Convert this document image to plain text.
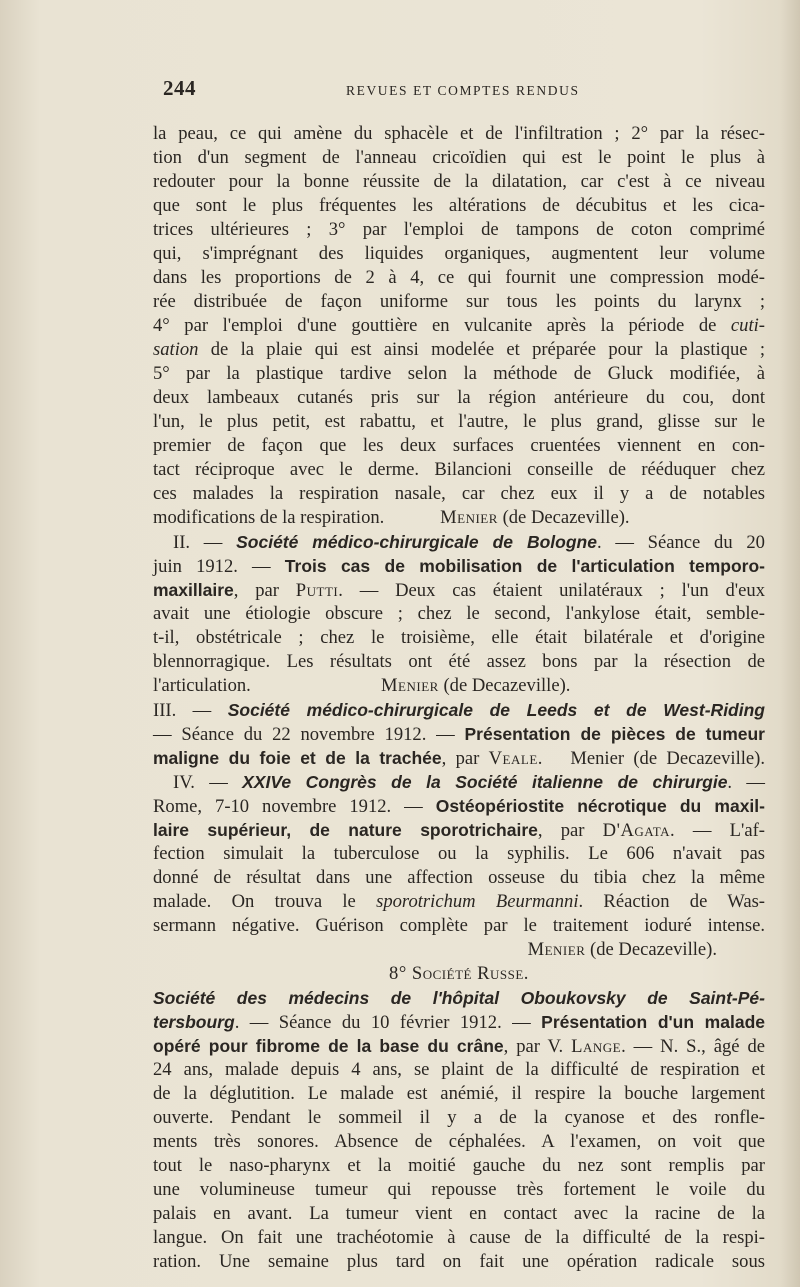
244	REVUES ET COMPTES RENDUS
la peau, ce qui amène du sphacèle et de l'infiltration ; 2° par la résec-
tion d'un segment de l'anneau cricoïdien qui est le point le plus à
redouter pour la bonne réussite de la dilatation, car c'est à ce niveau
que sont le plus fréquentes les altérations de décubitus et les cica-
trices ultérieures ; 3° par l'emploi de tampons de coton comprimé
qui, s'imprégnant des liquides organiques, augmentent leur volume
dans les proportions de 2 à 4, ce qui fournit une compression modé-
rée distribuée de façon uniforme sur tous les points du larynx ;
4° par l'emploi d'une gouttière en vulcanite après la période de cuti-
sation de la plaie qui est ainsi modelée et préparée pour la plastique ;
5° par la plastique tardive selon la méthode de Gluck modifiée, à
deux lambeaux cutanés pris sur la région antérieure du cou, dont
l'un, le plus petit, est rabattu, et l'autre, le plus grand, glisse sur le
premier de façon que les deux surfaces cruentées viennent en con-
tact réciproque avec le derme. Bilancioni conseille de rééduquer chez
ces malades la respiration nasale, car chez eux il y a de notables
modifications de la respiration.            Menier (de Decazeville).
II. — Société médico-chirurgicale de Bologne. — Séance du 20
juin 1912. — Trois cas de mobilisation de l'articulation temporo-
maxillaire, par Putti. — Deux cas étaient unilatéraux ; l'un d'eux
avait une étiologie obscure ; chez le second, l'ankylose était, semble-
t-il, obstétricale ; chez le troisième, elle était bilatérale et d'origine
blennorragique. Les résultats ont été assez bons par la résection de
l'articulation.                            Menier (de Decazeville).
III. — Société médico-chirurgicale de Leeds et de West-Riding
— Séance du 22 novembre 1912. — Présentation de pièces de tumeur
maligne du foie et de la trachée, par Veale.   Menier (de Decazeville).
IV. — XXIVe Congrès de la Société italienne de chirurgie. —
Rome, 7-10 novembre 1912. — Ostéopériostite nécrotique du maxil-
laire supérieur, de nature sporotrichaire, par D'Agata. — L'af-
fection simulait la tuberculose ou la syphilis. Le 606 n'avait pas
donné de résultat dans une affection osseuse du tibia chez la même
malade. On trouva le sporotrichum Beurmanni. Réaction de Was-
sermann négative. Guérison complète par le traitement ioduré intense.
Menier (de Decazeville).
8° Société Russe.
Société des médecins de l'hôpital Oboukovsky de Saint-Pé-
tersbourg. — Séance du 10 février 1912. — Présentation d'un malade
opéré pour fibrome de la base du crâne, par V. Lange. — N. S., âgé de
24 ans, malade depuis 4 ans, se plaint de la difficulté de respiration et
de la déglutition. Le malade est anémié, il respire la bouche largement
ouverte. Pendant le sommeil il y a de la cyanose et des ronfle-
ments très sonores. Absence de céphalées. A l'examen, on voit que
tout le naso-pharynx et la moitié gauche du nez sont remplis par
une volumineuse tumeur qui repousse très fortement le voile du
palais en avant. La tumeur vient en contact avec la racine de la
langue. On fait une trachéotomie à cause de la difficulté de la respi-
ration. Une semaine plus tard on fait une opération radicale sous
